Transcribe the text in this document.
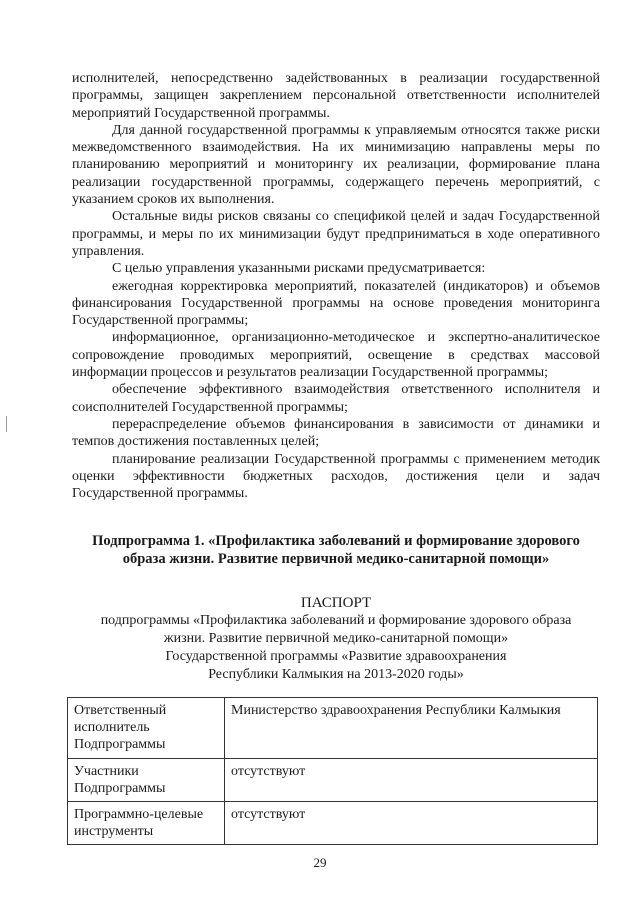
исполнителей, непосредственно задействованных в реализации государственной программы, защищен закреплением персональной ответственности исполнителей мероприятий Государственной программы.

Для данной государственной программы к управляемым относятся также риски межведомственного взаимодействия. На их минимизацию направлены меры по планированию мероприятий и мониторингу их реализации, формирование плана реализации государственной программы, содержащего перечень мероприятий, с указанием сроков их выполнения.

Остальные виды рисков связаны со спецификой целей и задач Государственной программы, и меры по их минимизации будут предприниматься в ходе оперативного управления.

С целью управления указанными рисками предусматривается:

ежегодная корректировка мероприятий, показателей (индикаторов) и объемов финансирования Государственной программы на основе проведения мониторинга Государственной программы;

информационное, организационно-методическое и экспертно-аналитическое сопровождение проводимых мероприятий, освещение в средствах массовой информации процессов и результатов реализации Государственной программы;

обеспечение эффективного взаимодействия ответственного исполнителя и соисполнителей Государственной программы;

перераспределение объемов финансирования в зависимости от динамики и темпов достижения поставленных целей;

планирование реализации Государственной программы с применением методик оценки эффективности бюджетных расходов, достижения цели и задач Государственной программы.

Подпрограмма 1. «Профилактика заболеваний и формирование здорового
образа жизни. Развитие первичной медико-санитарной помощи»
ПАСПОРТ
подпрограммы «Профилактика заболеваний и формирование здорового образа
жизни. Развитие первичной медико-санитарной помощи»
Государственной программы «Развитие здравоохранения
Республики Калмыкия на 2013-2020 годы»
Ответственный исполнитель Подпрограммы	Министерство здравоохранения Республики Калмыкия
Участники Подпрограммы	отсутствуют
Программно-целевые инструменты	отсутствуют
29
